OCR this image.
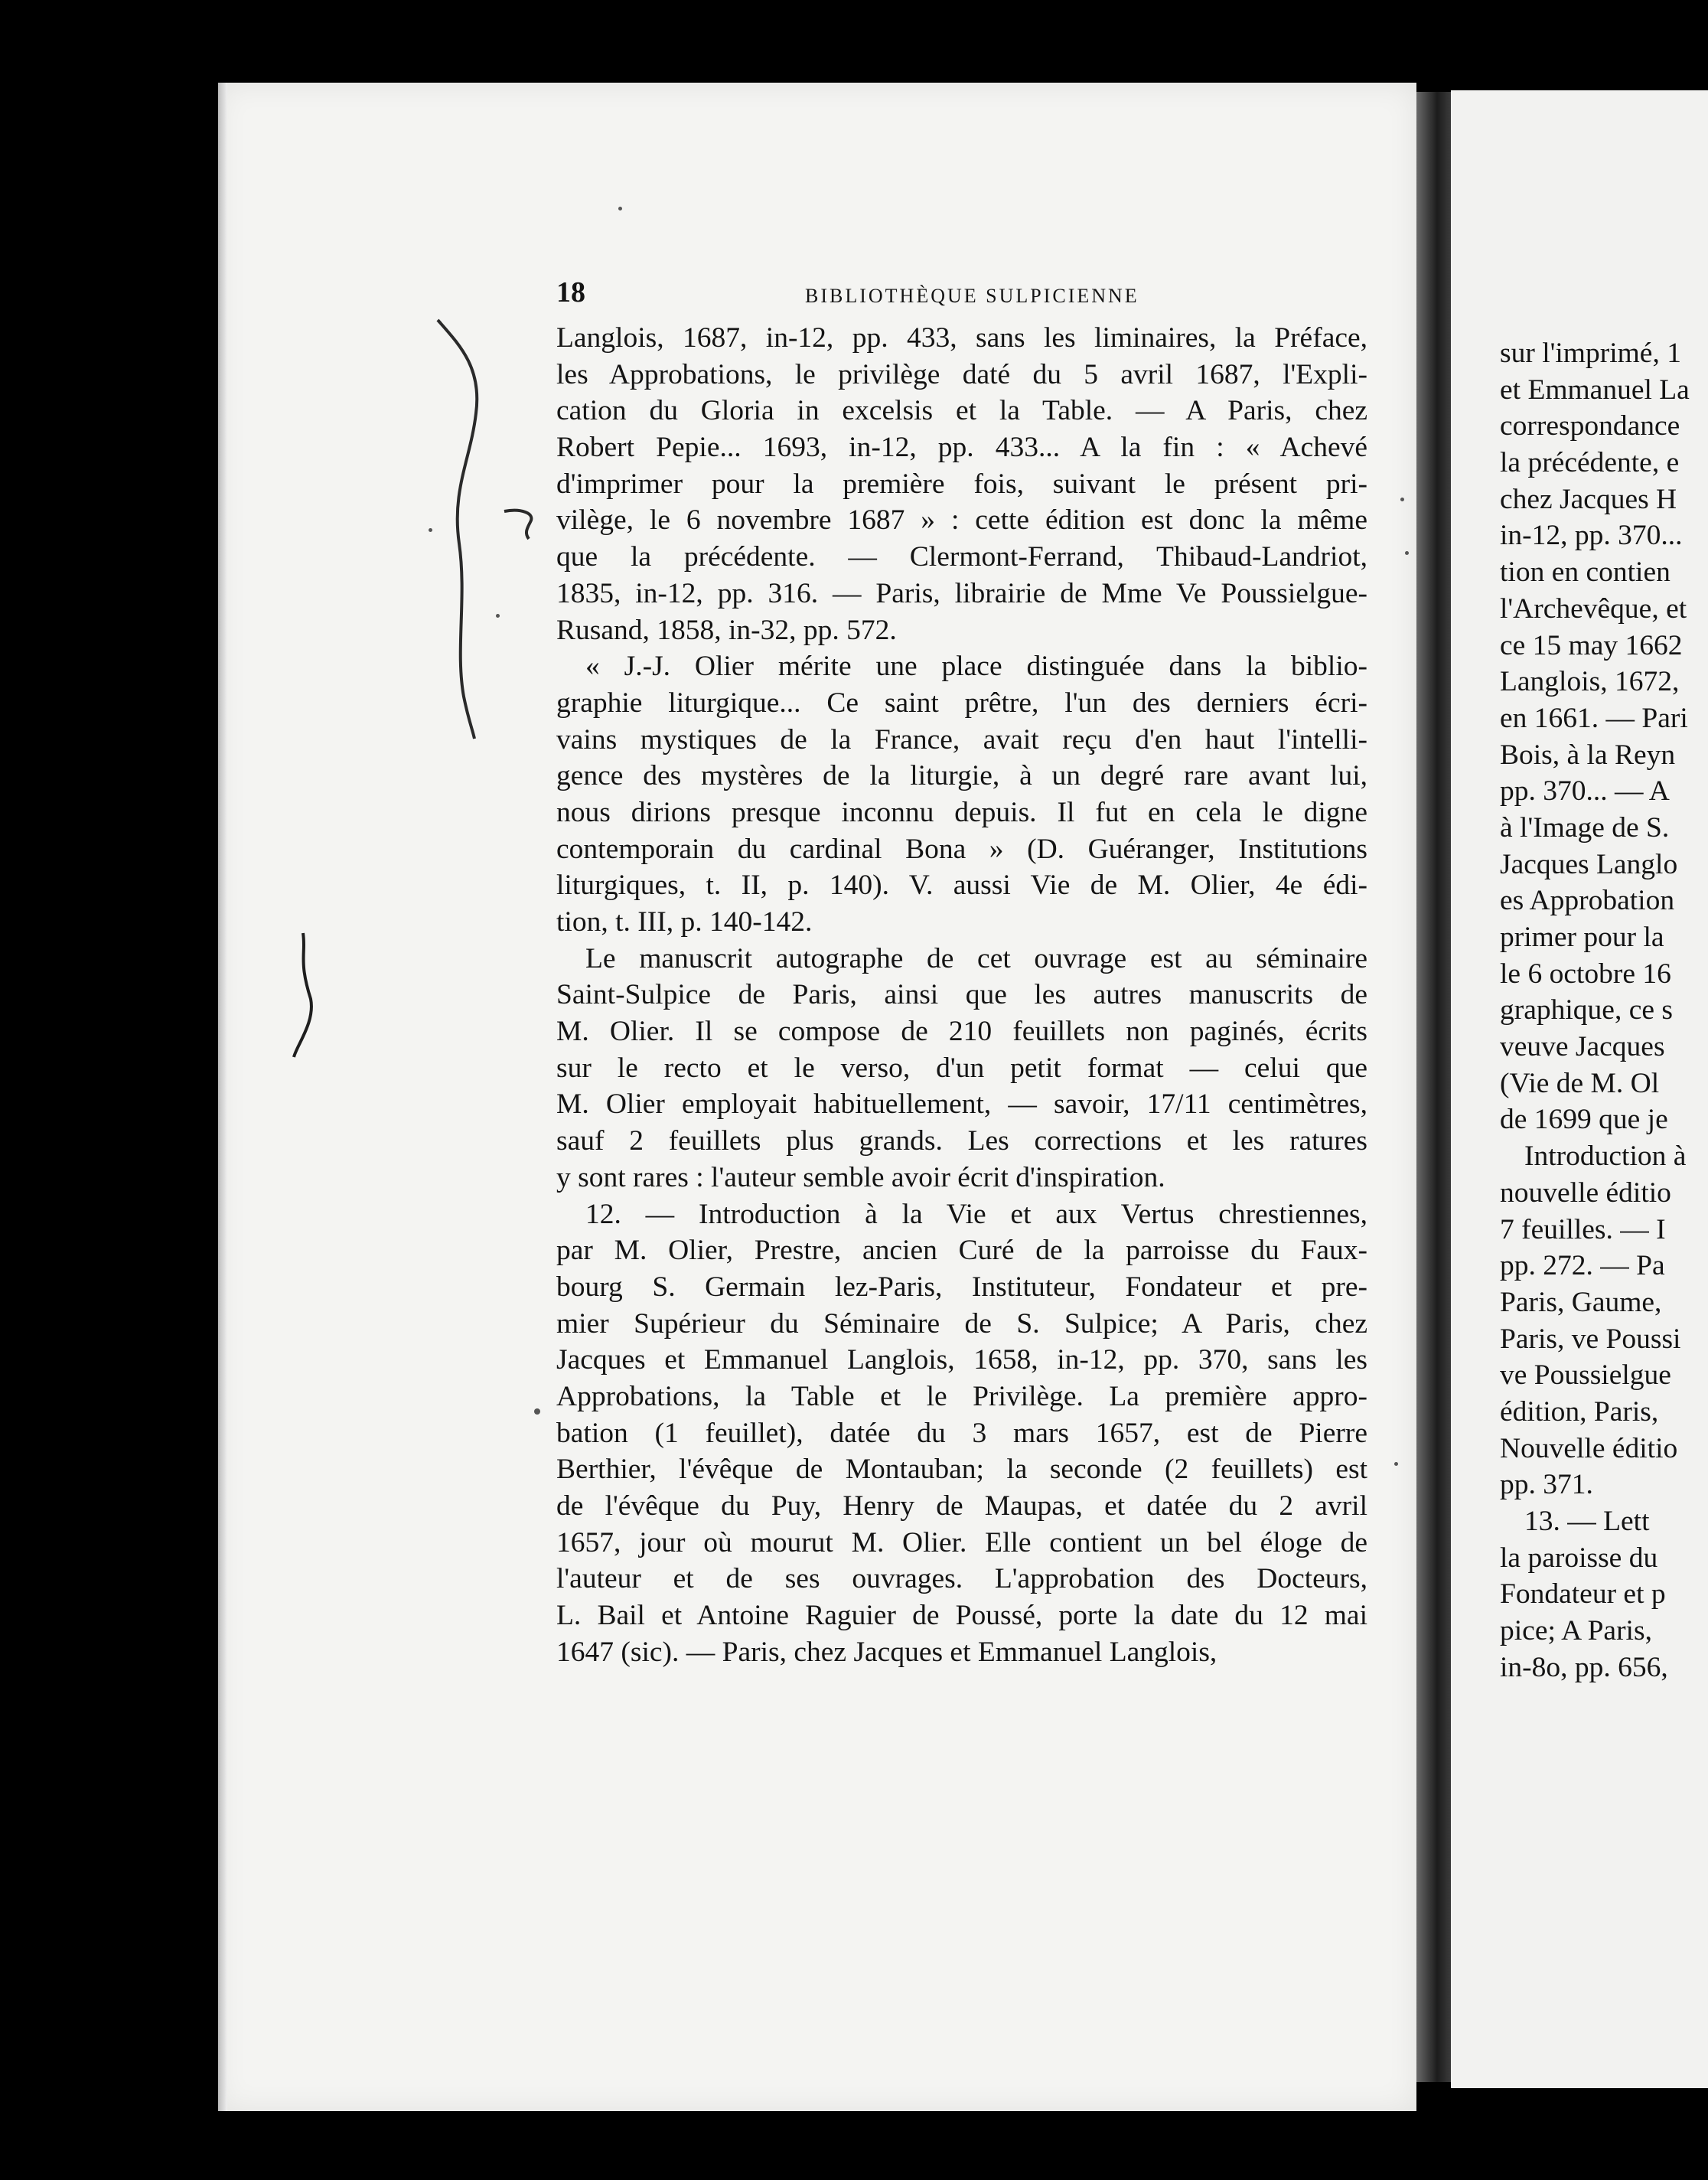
sur l'imprimé, 1
et Emmanuel La
correspondance
la précédente, e
chez Jacques H
in-12, pp. 370...
tion en contien
l'Archevêque, et
ce 15 may 1662
Langlois, 1672,
en 1661. — Pari
Bois, à la Reyn
pp. 370... — A
à l'Image de S.
Jacques Langlo
es Approbation
primer pour la
le 6 octobre 16
graphique, ce s
veuve Jacques
(Vie de M. Ol
de 1699 que je
Introduction à
nouvelle éditio
7 feuilles. — I
pp. 272. — Pa
Paris, Gaume,
Paris, ve Poussi
ve Poussielgue
édition, Paris,
Nouvelle éditio
pp. 371.
13. — Lett
la paroisse du
Fondateur et p
pice; A Paris,
in-8o, pp. 656,
18	BIBLIOTHÈQUE SULPICIENNE
Langlois, 1687, in-12, pp. 433, sans les liminaires, la Préface,
les Approbations, le privilège daté du 5 avril 1687, l'Expli-
cation du Gloria in excelsis et la Table. — A Paris, chez
Robert Pepie... 1693, in-12, pp. 433... A la fin : « Achevé
d'imprimer pour la première fois, suivant le présent pri-
vilège, le 6 novembre 1687 » : cette édition est donc la même
que la précédente. — Clermont-Ferrand, Thibaud-Landriot,
1835, in-12, pp. 316. — Paris, librairie de Mme Ve Poussielgue-
Rusand, 1858, in-32, pp. 572.
« J.-J. Olier mérite une place distinguée dans la biblio-
graphie liturgique... Ce saint prêtre, l'un des derniers écri-
vains mystiques de la France, avait reçu d'en haut l'intelli-
gence des mystères de la liturgie, à un degré rare avant lui,
nous dirions presque inconnu depuis. Il fut en cela le digne
contemporain du cardinal Bona » (D. Guéranger, Institutions
liturgiques, t. II, p. 140). V. aussi Vie de M. Olier, 4e édi-
tion, t. III, p. 140-142.
Le manuscrit autographe de cet ouvrage est au séminaire
Saint-Sulpice de Paris, ainsi que les autres manuscrits de
M. Olier. Il se compose de 210 feuillets non paginés, écrits
sur le recto et le verso, d'un petit format — celui que
M. Olier employait habituellement, — savoir, 17/11 centimètres,
sauf 2 feuillets plus grands. Les corrections et les ratures
y sont rares : l'auteur semble avoir écrit d'inspiration.
12. — Introduction à la Vie et aux Vertus chrestiennes,
par M. Olier, Prestre, ancien Curé de la parroisse du Faux-
bourg S. Germain lez-Paris, Instituteur, Fondateur et pre-
mier Supérieur du Séminaire de S. Sulpice; A Paris, chez
Jacques et Emmanuel Langlois, 1658, in-12, pp. 370, sans les
Approbations, la Table et le Privilège. La première appro-
bation (1 feuillet), datée du 3 mars 1657, est de Pierre
Berthier, l'évêque de Montauban; la seconde (2 feuillets) est
de l'évêque du Puy, Henry de Maupas, et datée du 2 avril
1657, jour où mourut M. Olier. Elle contient un bel éloge de
l'auteur et de ses ouvrages. L'approbation des Docteurs,
L. Bail et Antoine Raguier de Poussé, porte la date du 12 mai
1647 (sic). — Paris, chez Jacques et Emmanuel Langlois,
